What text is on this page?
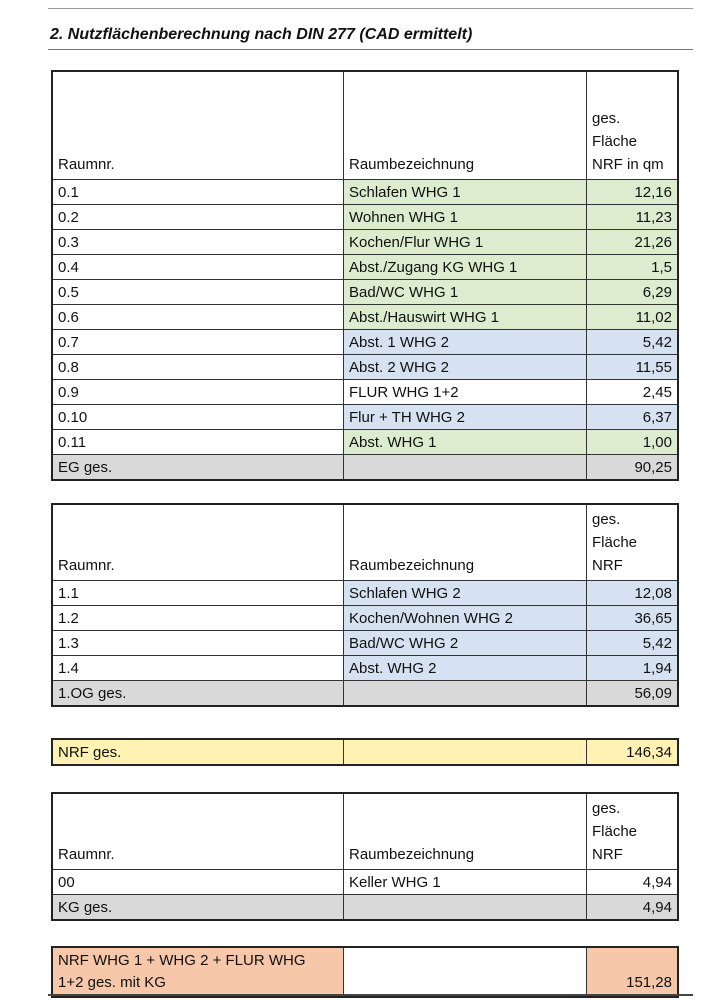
2. Nutzflächenberechnung nach DIN 277 (CAD ermittelt)
Raumnr.	Raumbezeichnung	ges.
Fläche
NRF in qm

0.1	Schlafen WHG 1	12,16
0.2	Wohnen WHG 1	11,23
0.3	Kochen/Flur WHG 1	21,26
0.4	Abst./Zugang KG WHG 1	1,5
0.5	Bad/WC WHG 1	6,29
0.6	Abst./Hauswirt WHG 1	11,02
0.7	Abst. 1 WHG 2	5,42
0.8	Abst. 2 WHG 2	11,55
0.9	FLUR WHG 1+2	2,45
0.10	Flur + TH WHG 2	6,37
0.11	Abst. WHG 1	1,00
EG ges.		90,25
Raumnr.	Raumbezeichnung	ges.
Fläche
NRF

1.1	Schlafen WHG 2	12,08
1.2	Kochen/Wohnen WHG 2	36,65
1.3	Bad/WC WHG 2	5,42
1.4	Abst. WHG 2	1,94
1.OG ges.		56,09
NRF ges.		146,34
Raumnr.	Raumbezeichnung	ges.
Fläche
NRF

00	Keller WHG 1	4,94
KG ges.		4,94
NRF WHG 1 + WHG 2 + FLUR WHG
1+2 ges. mit KG		151,28
